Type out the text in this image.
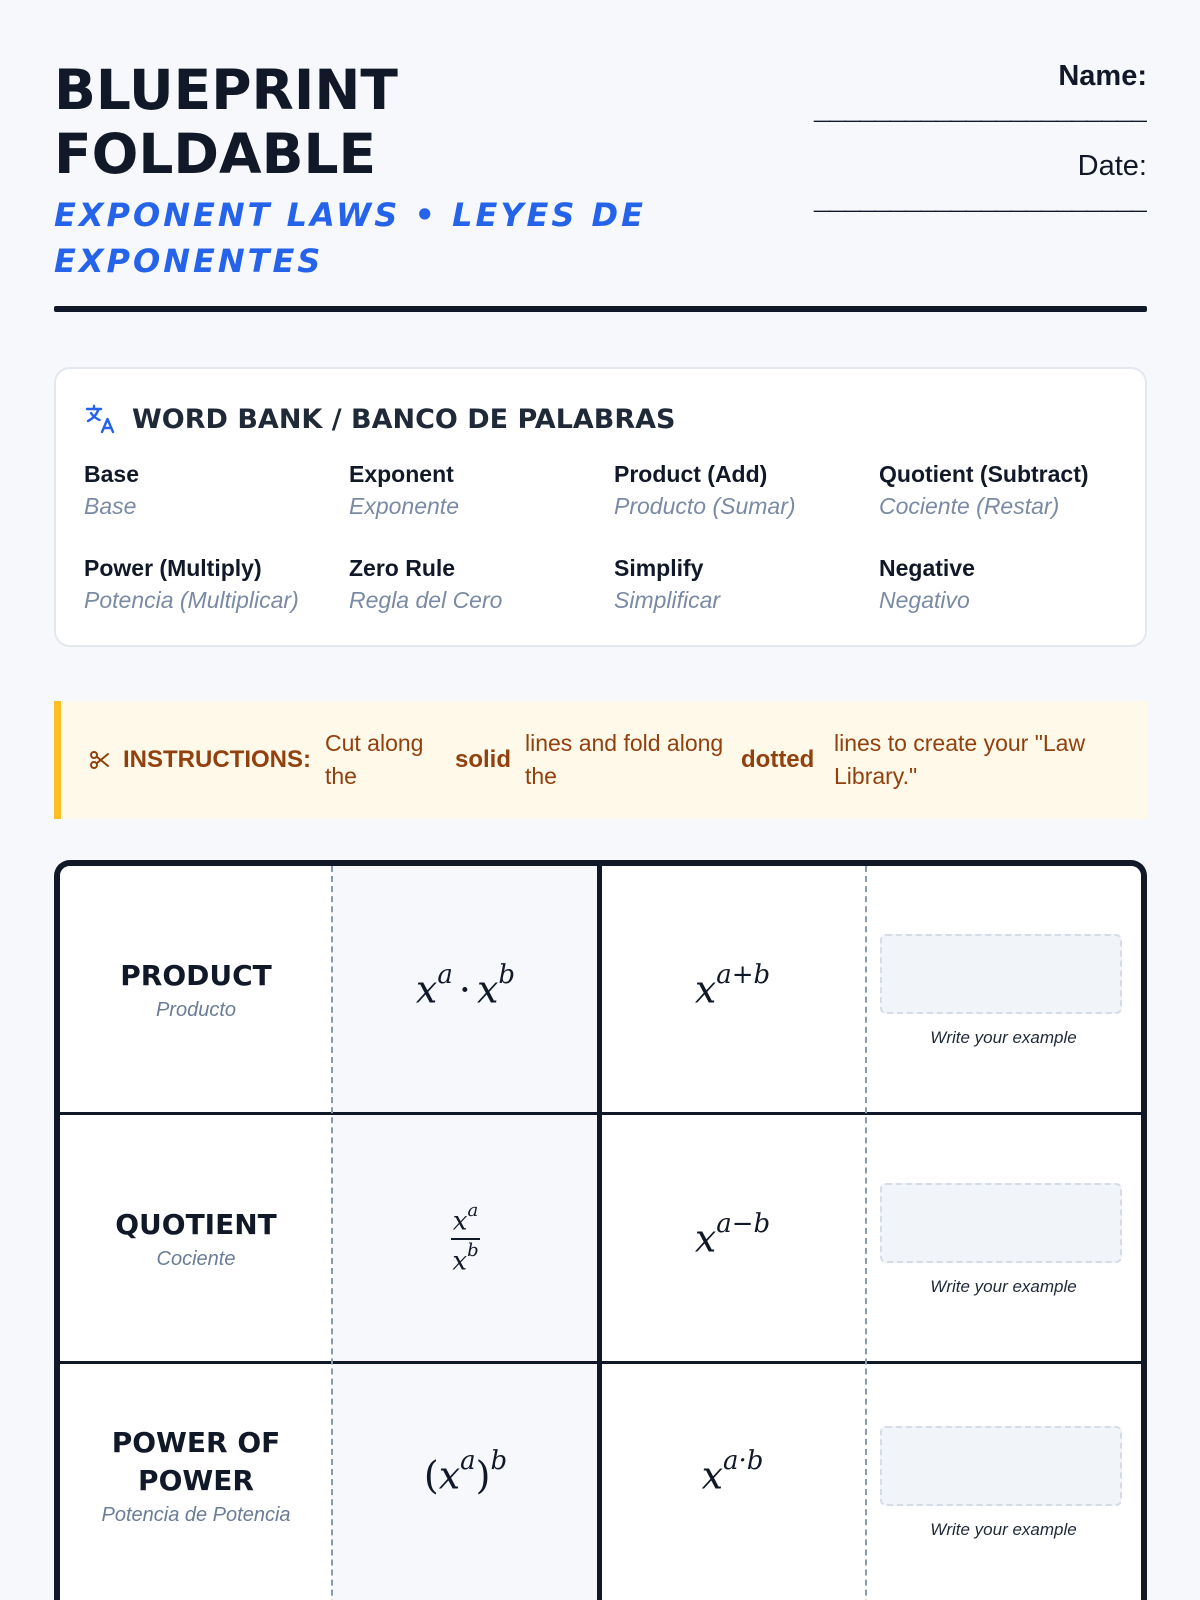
BLUEPRINT FOLDABLE
EXPONENT LAWS • LEYES DE EXPONENTES
Name:
______________________
Date:
______________________
WORD BANK / BANCO DE PALABRAS
Base
Base
Exponent
Exponente
Product (Add)
Producto (Sumar)
Quotient (Subtract)
Cociente (Restar)
Power (Multiply)
Potencia (Multiplicar)
Zero Rule
Regla del Cero
Simplify
Simplificar
Negative
Negativo
INSTRUCTIONS:
Cut along the
solid
lines and fold along the
dotted
lines to create your "Law Library."
PRODUCT
Producto	$x^a \cdot x^b$	$x^{a+b}$
Write your example
QUOTIENT
Cociente	$\frac{x^a}{x^b}$	$x^{a-b}$
Write your example
POWER OF POWER
Potencia de Potencia
$(x^a)^b$	$x^{a\cdot b}$
Write your example
